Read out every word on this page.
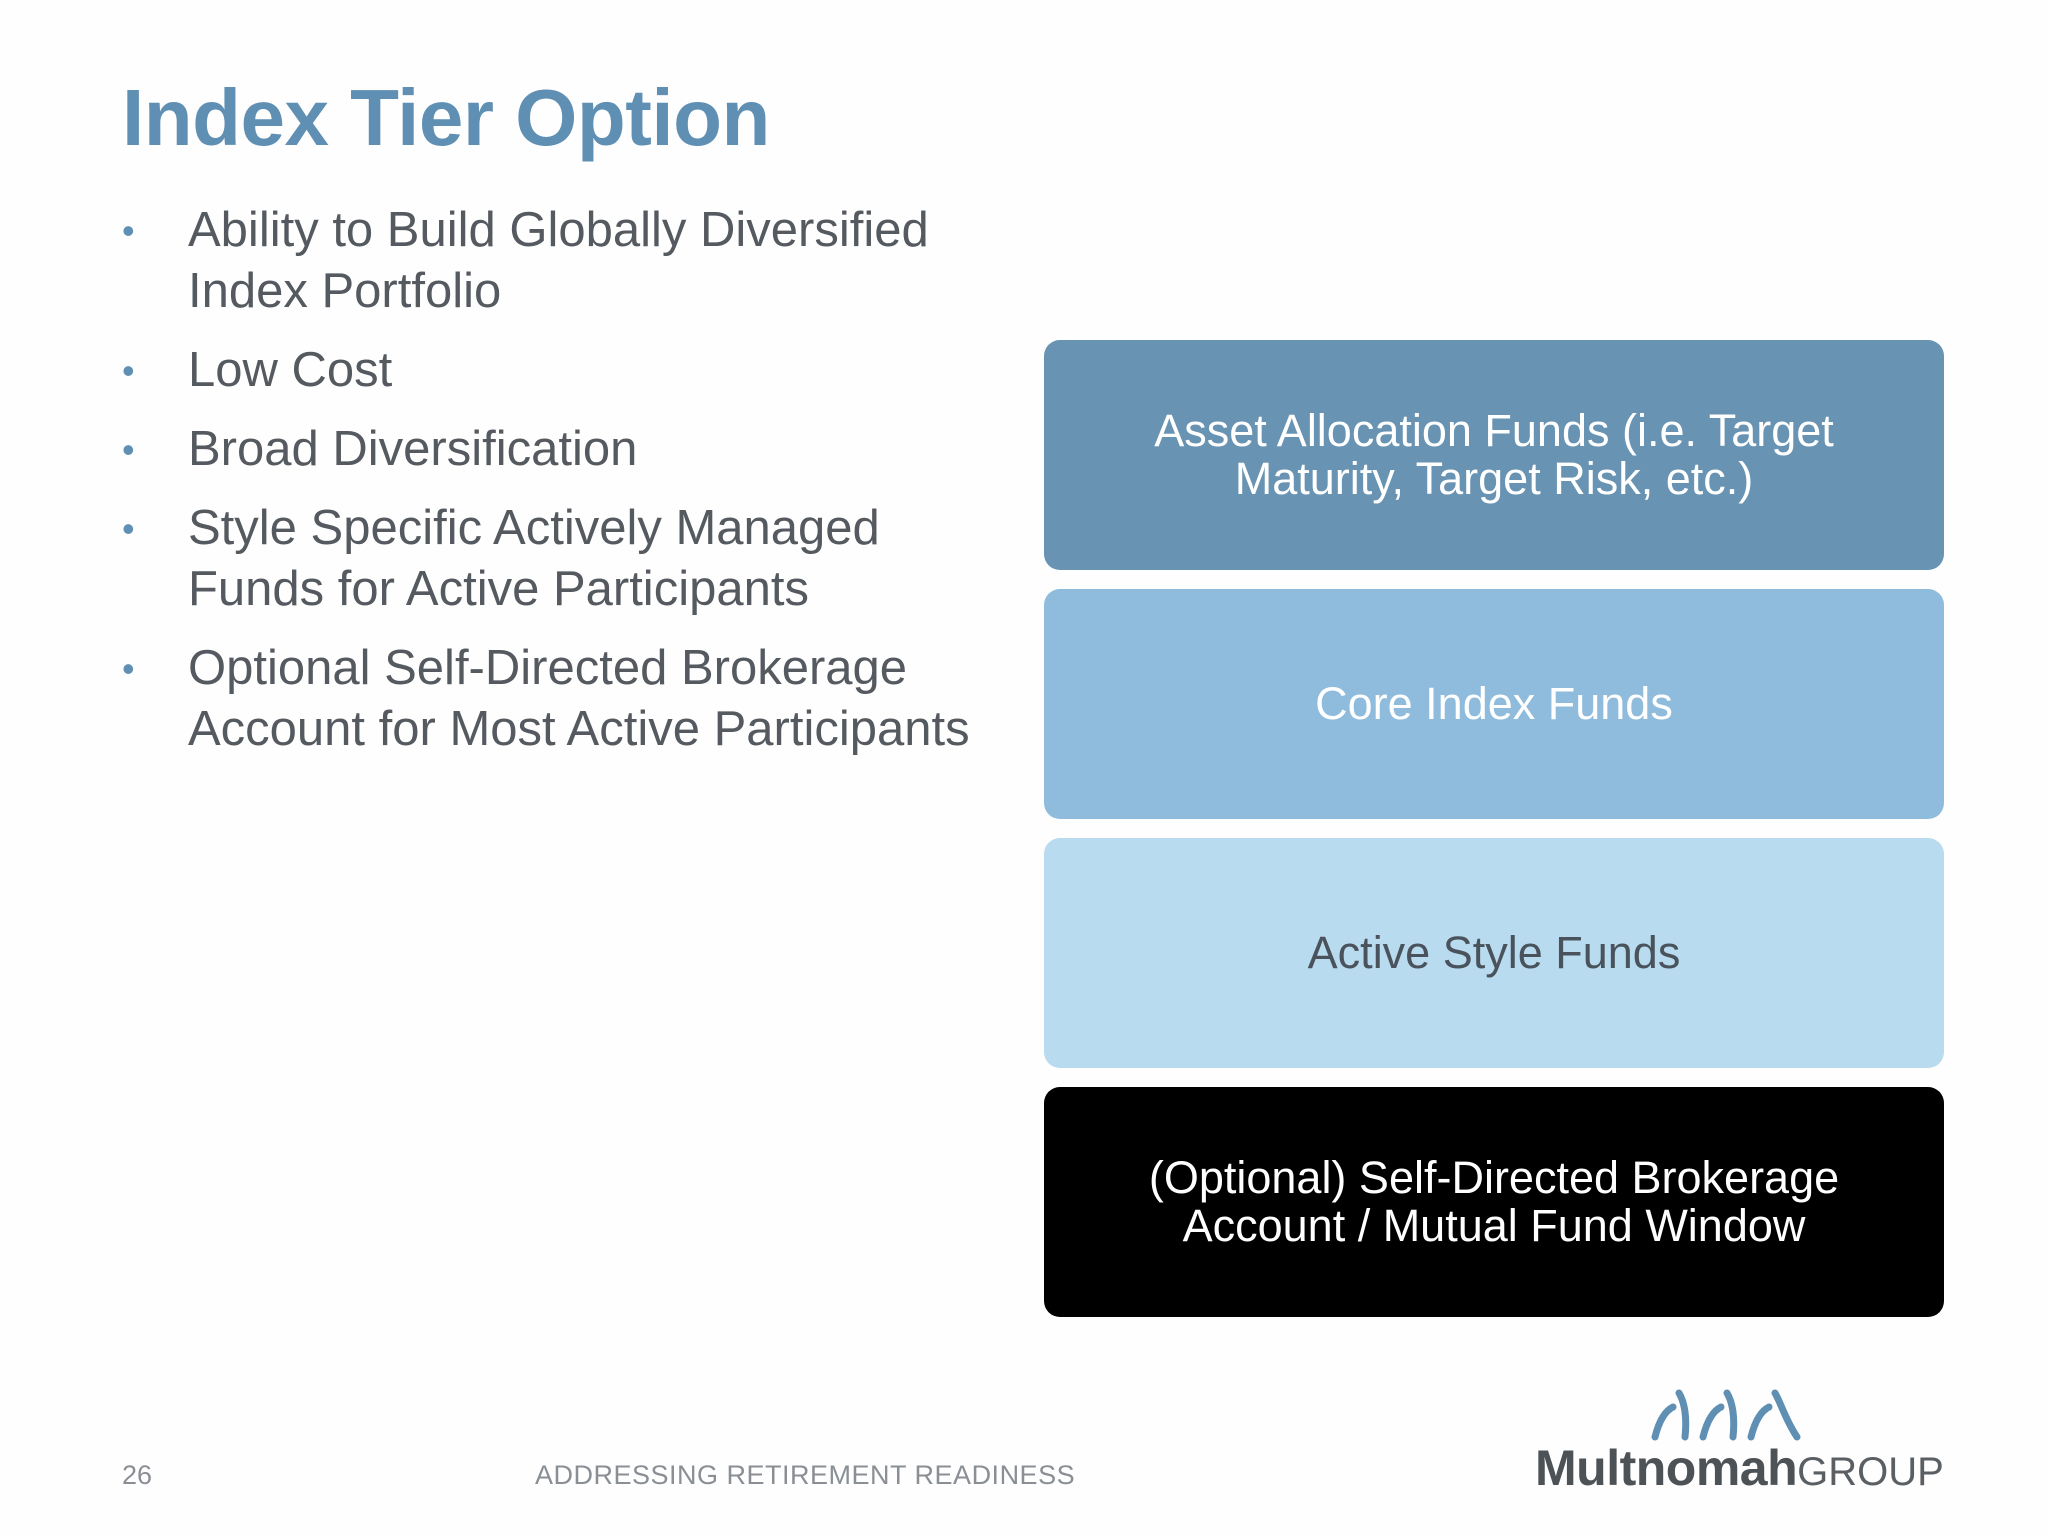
Index Tier Option
• Ability to Build Globally Diversified Index Portfolio
• Low Cost
• Broad Diversification
• Style Specific Actively Managed Funds for Active Participants
• Optional Self-Directed Brokerage Account for Most Active Participants
Asset Allocation Funds (i.e. Target Maturity, Target Risk, etc.)
Core Index Funds
Active Style Funds
(Optional) Self-Directed Brokerage Account / Mutual Fund Window
26	ADDRESSING RETIREMENT READINESS	MultnomahGROUP
